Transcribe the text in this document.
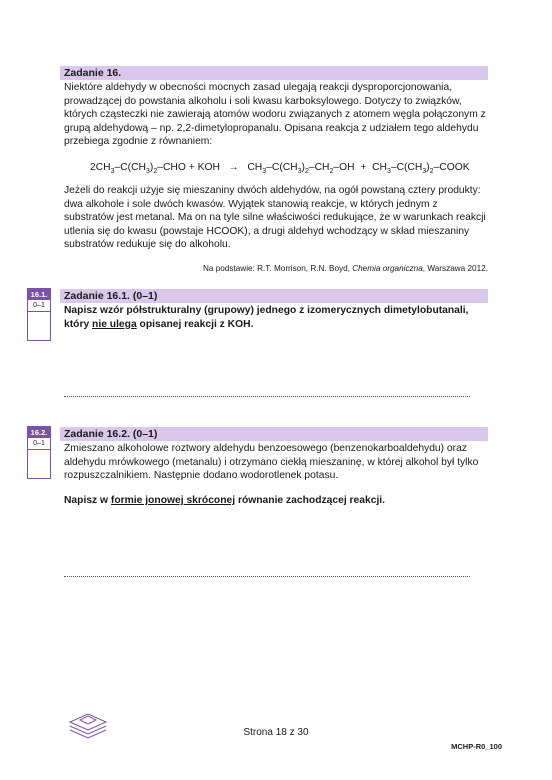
Zadanie 16.

Niektóre aldehydy w obecności mocnych zasad ulegają reakcji dysproporcjonowania, prowadzącej do powstania alkoholu i soli kwasu karboksylowego. Dotyczy to związków, których cząsteczki nie zawierają atomów wodoru związanych z atomem węgla połączonym z grupą aldehydową – np. 2,2-dimetylopropanalu. Opisana reakcja z udziałem tego aldehydu przebiega zgodnie z równaniem:

$2CH_3-C(CH_3)_2$–CHO + KOH → $CH_3-C(CH_3)_2-CH_2-OH$ + $CH_3-C(CH_3)_2$–COOK

Jeżeli do reakcji użyje się mieszaniny dwóch aldehydów, na ogół powstaną cztery produkty: dwa alkohole i sole dwóch kwasów. Wyjątek stanowią reakcje, w których jednym z substratów jest metanal. Ma on na tyle silne właściwości redukujące, że w warunkach reakcji utlenia się do kwasu (powstaje HCOOK), a drugi aldehyd wchodzący w skład mieszaniny substratów redukuje się do alkoholu.

Na podstawie: R.T. Morrison, R.N. Boyd, Chemia organiczna, Warszawa 2012.
16.1.
0–1
Zadanie 16.1. (0–1)
Napisz wzór półstrukturalny (grupowy) jednego z izomerycznych dimetylobutanali, który nie ulega opisanej reakcji z KOH.
16.2.
0–1
Zadanie 16.2. (0–1)

Zmieszano alkoholowe roztwory aldehydu benzoesowego (benzenokarboaldehydu) oraz aldehydu mrówkowego (metanalu) i otrzymano ciekłą mieszaninę, w której alkohol był tylko rozpuszczalnikiem. Następnie dodano wodorotlenek potasu.

Napisz w formie jonowej skróconej równanie zachodzącej reakcji.
Strona 18 z 30
MCHP-R0_100
